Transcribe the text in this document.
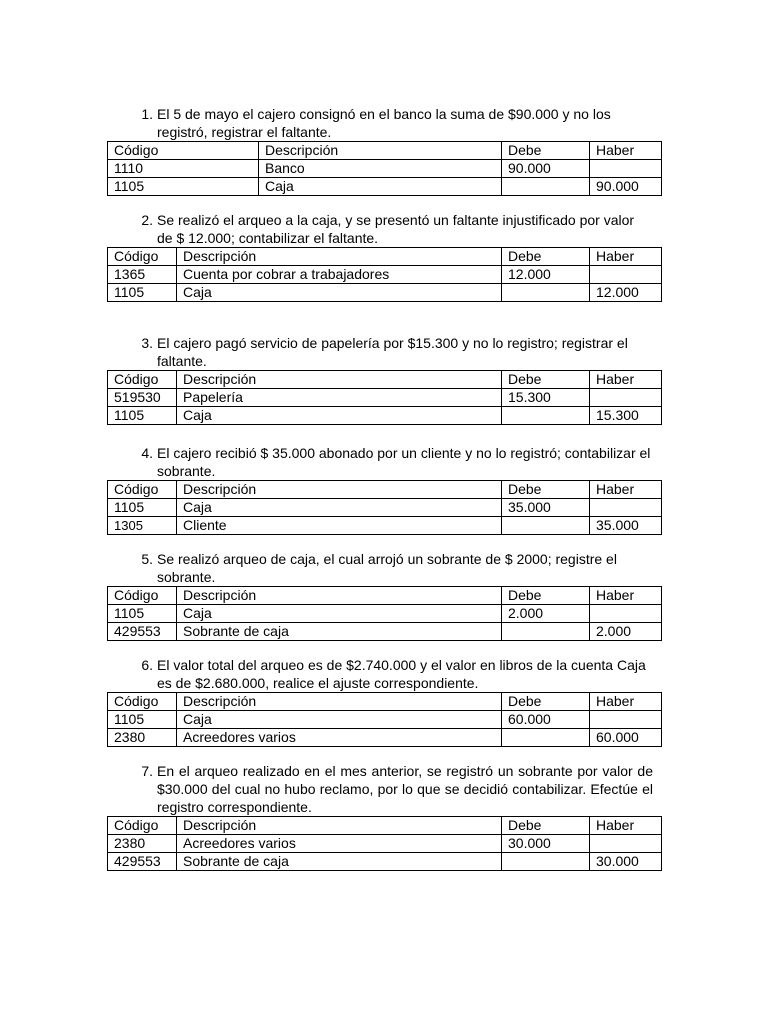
1. El 5 de mayo el cajero consignó en el banco la suma de $90.000 y no los registró, registrar el faltante.
Código	Descripción	Debe	Haber
1110	Banco	90.000	
1105	Caja		90.000
2. Se realizó el arqueo a la caja, y se presentó un faltante injustificado por valor de $ 12.000; contabilizar el faltante.
Código	Descripción	Debe	Haber
1365	Cuenta por cobrar a trabajadores	12.000	
1105	Caja		12.000
3. El cajero pagó servicio de papelería por $15.300 y no lo registro; registrar el faltante.
Código	Descripción	Debe	Haber
519530	Papelería	15.300	
1105	Caja		15.300
4. El cajero recibió $ 35.000 abonado por un cliente y no lo registró; contabilizar el sobrante.
Código	Descripción	Debe	Haber
1105	Caja	35.000	
1305	Cliente		35.000
5. Se realizó arqueo de caja, el cual arrojó un sobrante de $ 2000; registre el sobrante.
Código	Descripción	Debe	Haber
1105	Caja	2.000	
429553	Sobrante de caja		2.000
6. El valor total del arqueo es de $2.740.000 y el valor en libros de la cuenta Caja es de $2.680.000, realice el ajuste correspondiente.
Código	Descripción	Debe	Haber
1105	Caja	60.000	
2380	Acreedores varios		60.000
7. En el arqueo realizado en el mes anterior, se registró un sobrante por valor de $30.000 del cual no hubo reclamo, por lo que se decidió contabilizar. Efectúe el registro correspondiente.
Código	Descripción	Debe	Haber
2380	Acreedores varios	30.000	
429553	Sobrante de caja		30.000
